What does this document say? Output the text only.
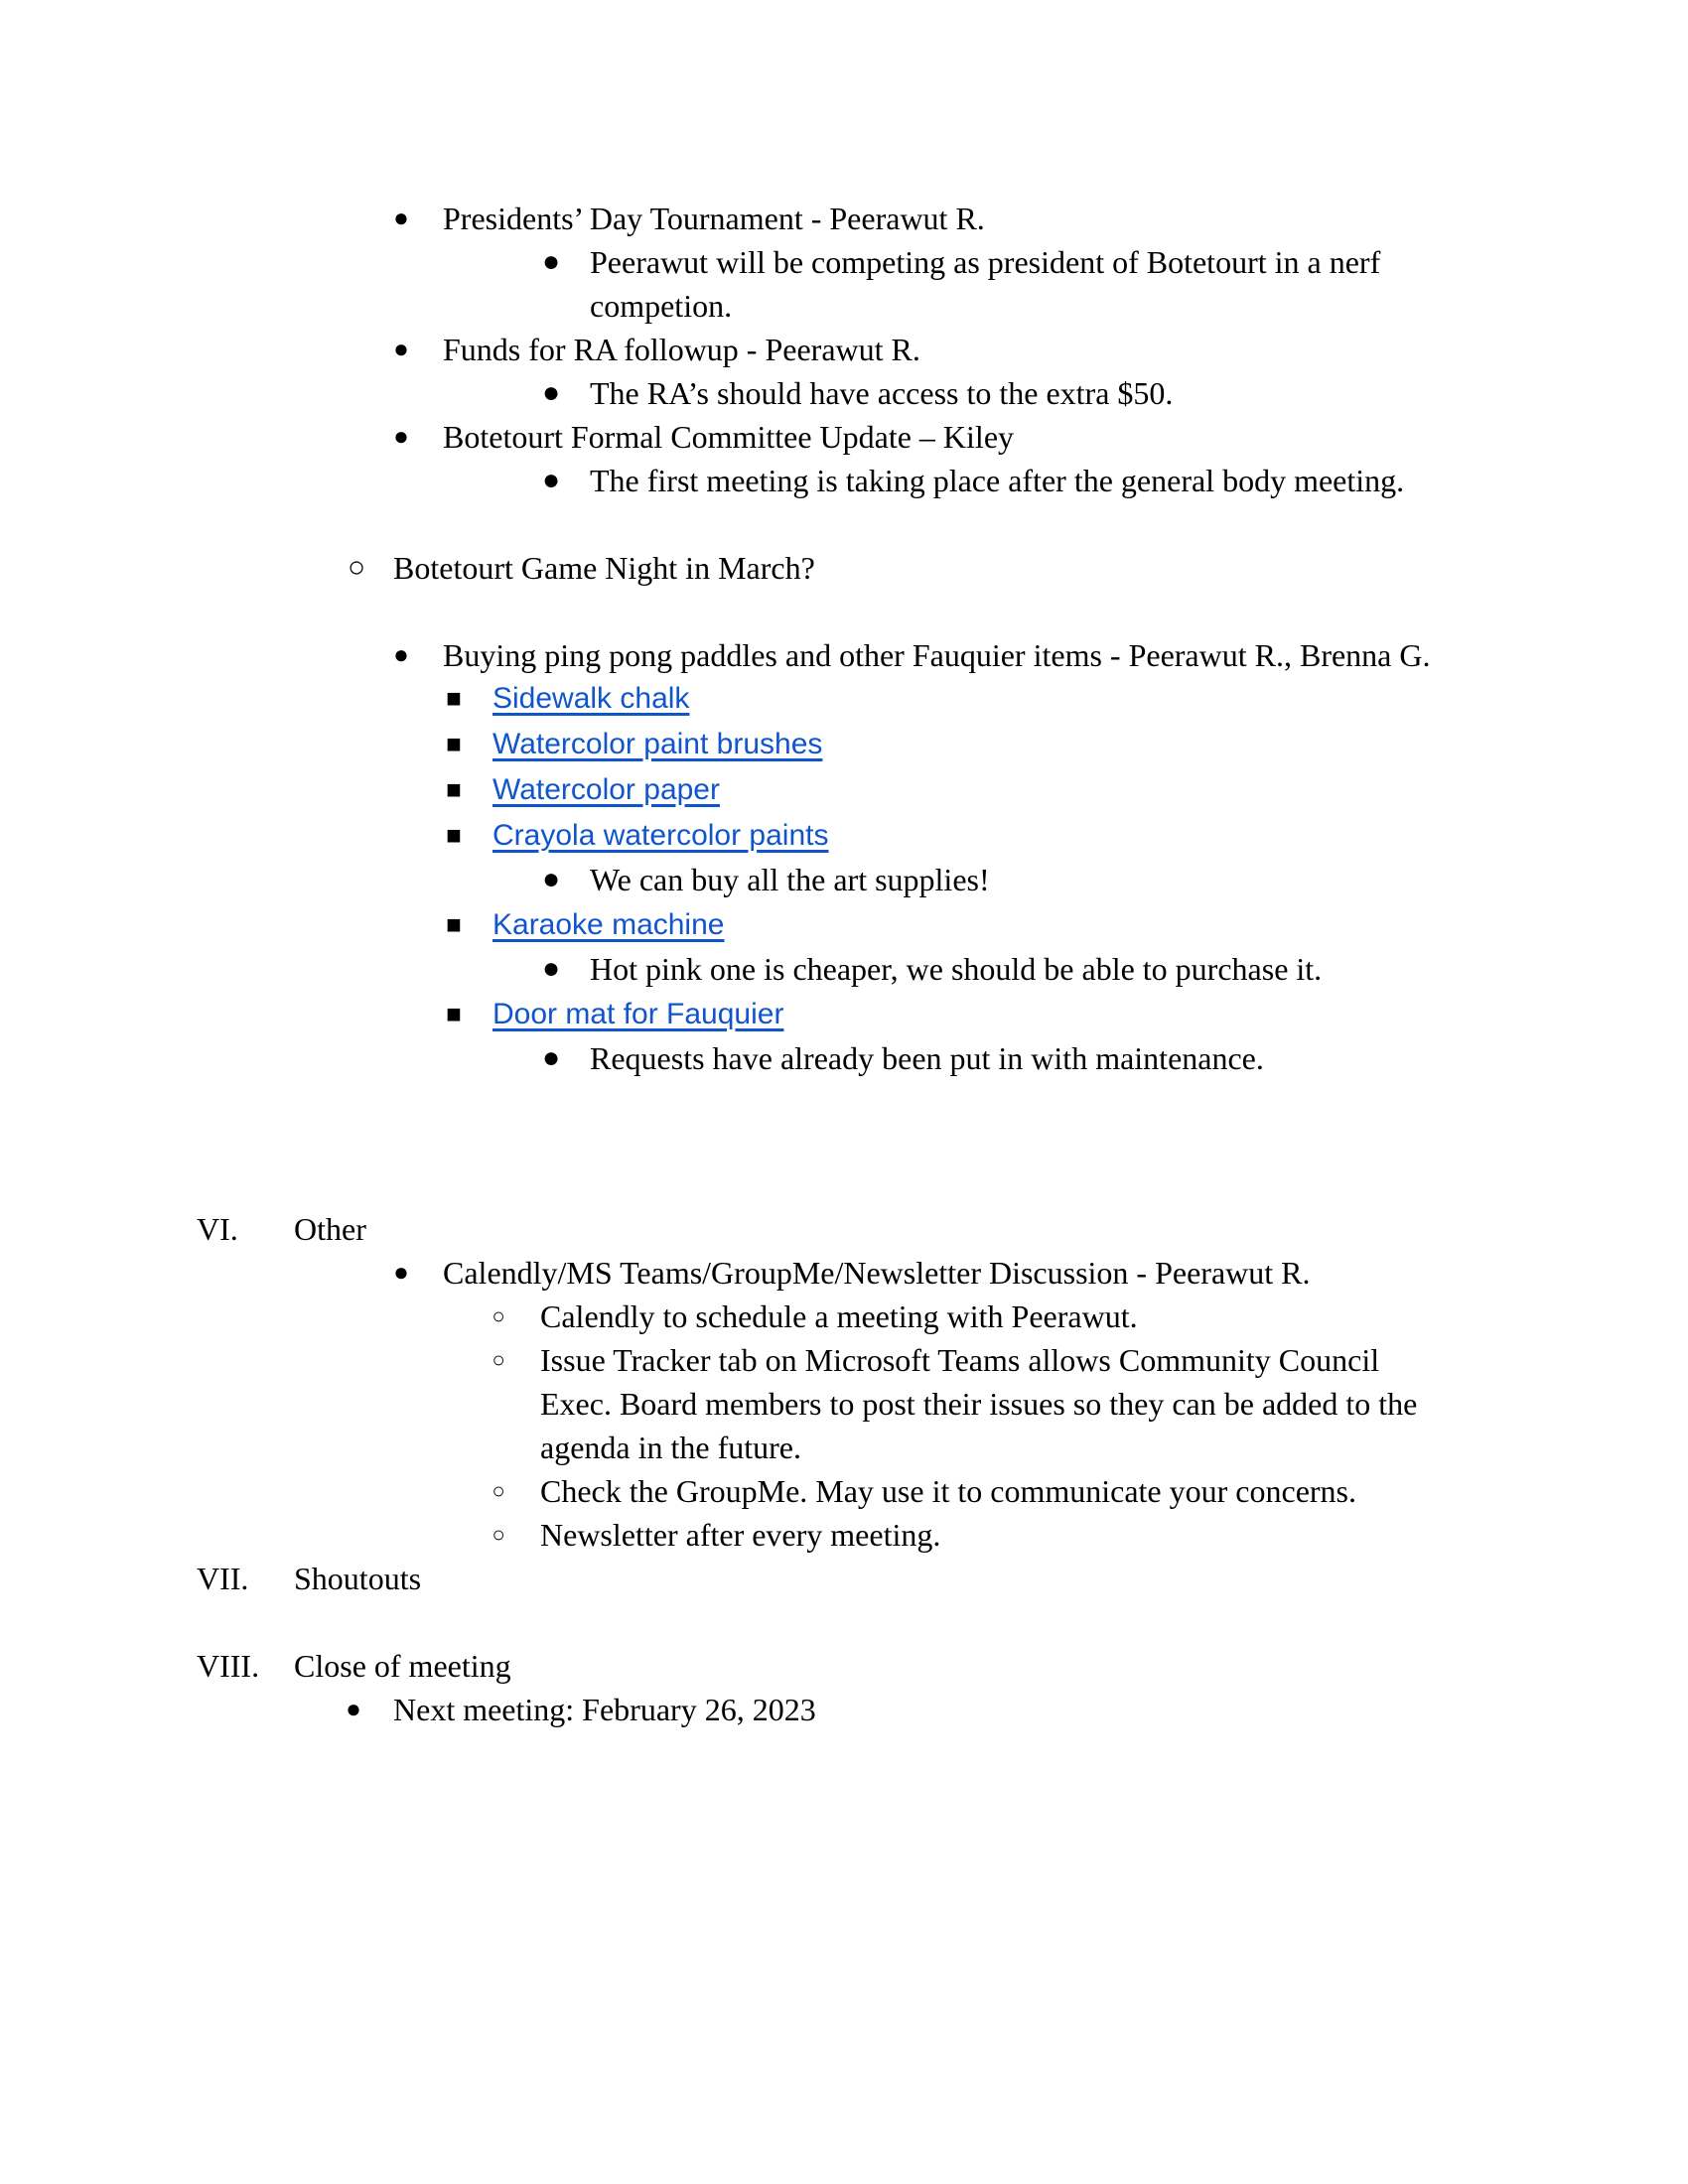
● Presidents’ Day Tournament - Peerawut R.
● Peerawut will be competing as president of Botetourt in a nerf
competion.
● Funds for RA followup - Peerawut R.
● The RA’s should have access to the extra $50.
● Botetourt Formal Committee Update – Kiley
● The first meeting is taking place after the general body meeting.
○ Botetourt Game Night in March?
● Buying ping pong paddles and other Fauquier items - Peerawut R., Brenna G.
■ Sidewalk chalk
■ Watercolor paint brushes
■ Watercolor paper
■ Crayola watercolor paints
● We can buy all the art supplies!
■ Karaoke machine
● Hot pink one is cheaper, we should be able to purchase it.
■ Door mat for Fauquier
● Requests have already been put in with maintenance.
VI. Other
● Calendly/MS Teams/GroupMe/Newsletter Discussion - Peerawut R.
○ Calendly to schedule a meeting with Peerawut.
○ Issue Tracker tab on Microsoft Teams allows Community Council
Exec. Board members to post their issues so they can be added to the
agenda in the future.
○ Check the GroupMe. May use it to communicate your concerns.
○ Newsletter after every meeting.
VII. Shoutouts
VIII. Close of meeting
● Next meeting: February 26, 2023
